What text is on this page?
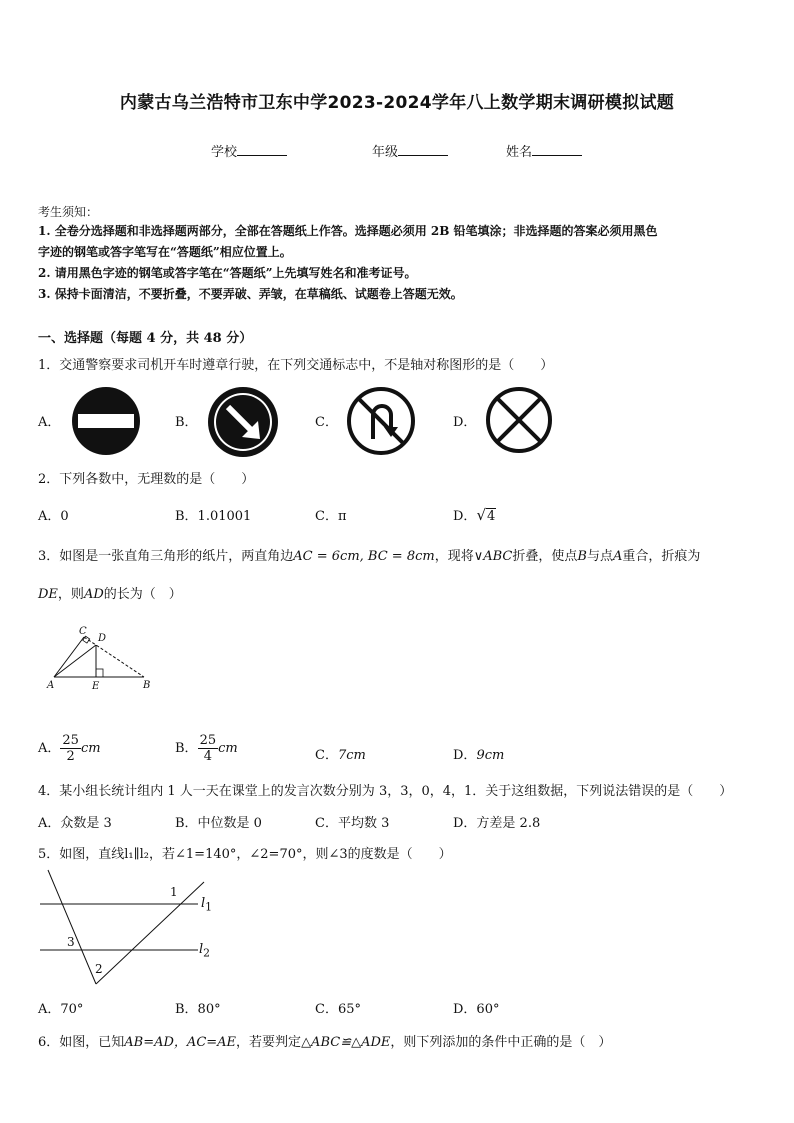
内蒙古乌兰浩特市卫东中学2023-2024学年八上数学期末调研模拟试题
学校	年级	姓名
考生须知：
1. 全卷分选择题和非选择题两部分，全部在答题纸上作答。选择题必须用 2B 铅笔填涂；非选择题的答案必须用黑色
字迹的钢笔或答字笔写在“答题纸”相应位置上。
2. 请用黑色字迹的钢笔或答字笔在“答题纸”上先填写姓名和准考证号。
3. 保持卡面清洁，不要折叠，不要弄破、弄皱，在草稿纸、试题卷上答题无效。
一、选择题（每题 4 分，共 48 分）
1．交通警察要求司机开车时遵章行驶，在下列交通标志中，不是轴对称图形的是（　　）
A．	B．	C．	D．
2．下列各数中，无理数的是（　　）
A．0	B．1.01001	C．π	D．√4
3．如图是一张直角三角形的纸片，两直角边AC = 6cm, BC = 8cm，现将∨ABC折叠，使点B与点A重合，折痕为
DE，则AD的长为（　）
C
D
A	E	B
A． $\frac{25}{2}$ cm	B． $\frac{25}{4}$ cm	C．7cm	D．9cm
4．某小组长统计组内 1 人一天在课堂上的发言次数分别为 3，3，0，4，1．关于这组数据，下列说法错误的是（　　）
A．众数是 3	B．中位数是 0	C．平均数 3	D．方差是 2.8
5．如图，直线l₁∥l₂，若∠1=140°，∠2=70°，则∠3的度数是（　　）
1
2
3
$l_1$
$l_2$
A．70°	B．80°	C．65°	D．60°
6．如图，已知AB=AD，AC=AE，若要判定△ABC≌△ADE，则下列添加的条件中正确的是（　）
